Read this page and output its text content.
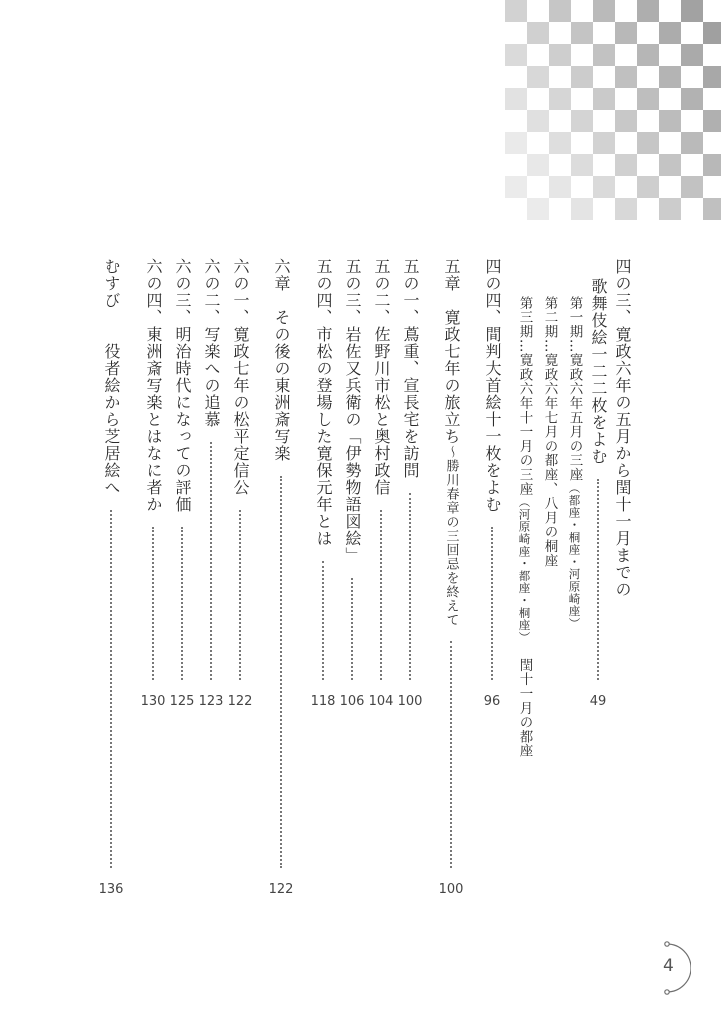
四の三、寛政六年の五月から閏十一月までの
歌舞伎絵一二二枚をよむ
49
第一期…寛政六年五月の三座
（都座・桐座・河原崎座）
第二期…寛政六年七月の都座、八月の桐座
第三期…寛政六年十一月の三座
（河原崎座・都座・桐座）
閏十一月の都座
四の四、間判大首絵十一枚をよむ
96
五章　寛政七年の旅立ち
～勝川春章の三回忌を終えて
100
五の一、蔦重、宣長宅を訪問
100
五の二、佐野川市松と奥村政信
104
五の三、岩佐又兵衛の「伊勢物語図絵」
106
五の四、市松の登場した寛保元年とは
118
六章　その後の東洲斎写楽
122
六の一、寛政七年の松平定信公
122
六の二、写楽への追慕
123
六の三、明治時代になっての評価
125
六の四、東洲斎写楽とはなに者か
130
むすび　　役者絵から芝居絵へ
136
4
